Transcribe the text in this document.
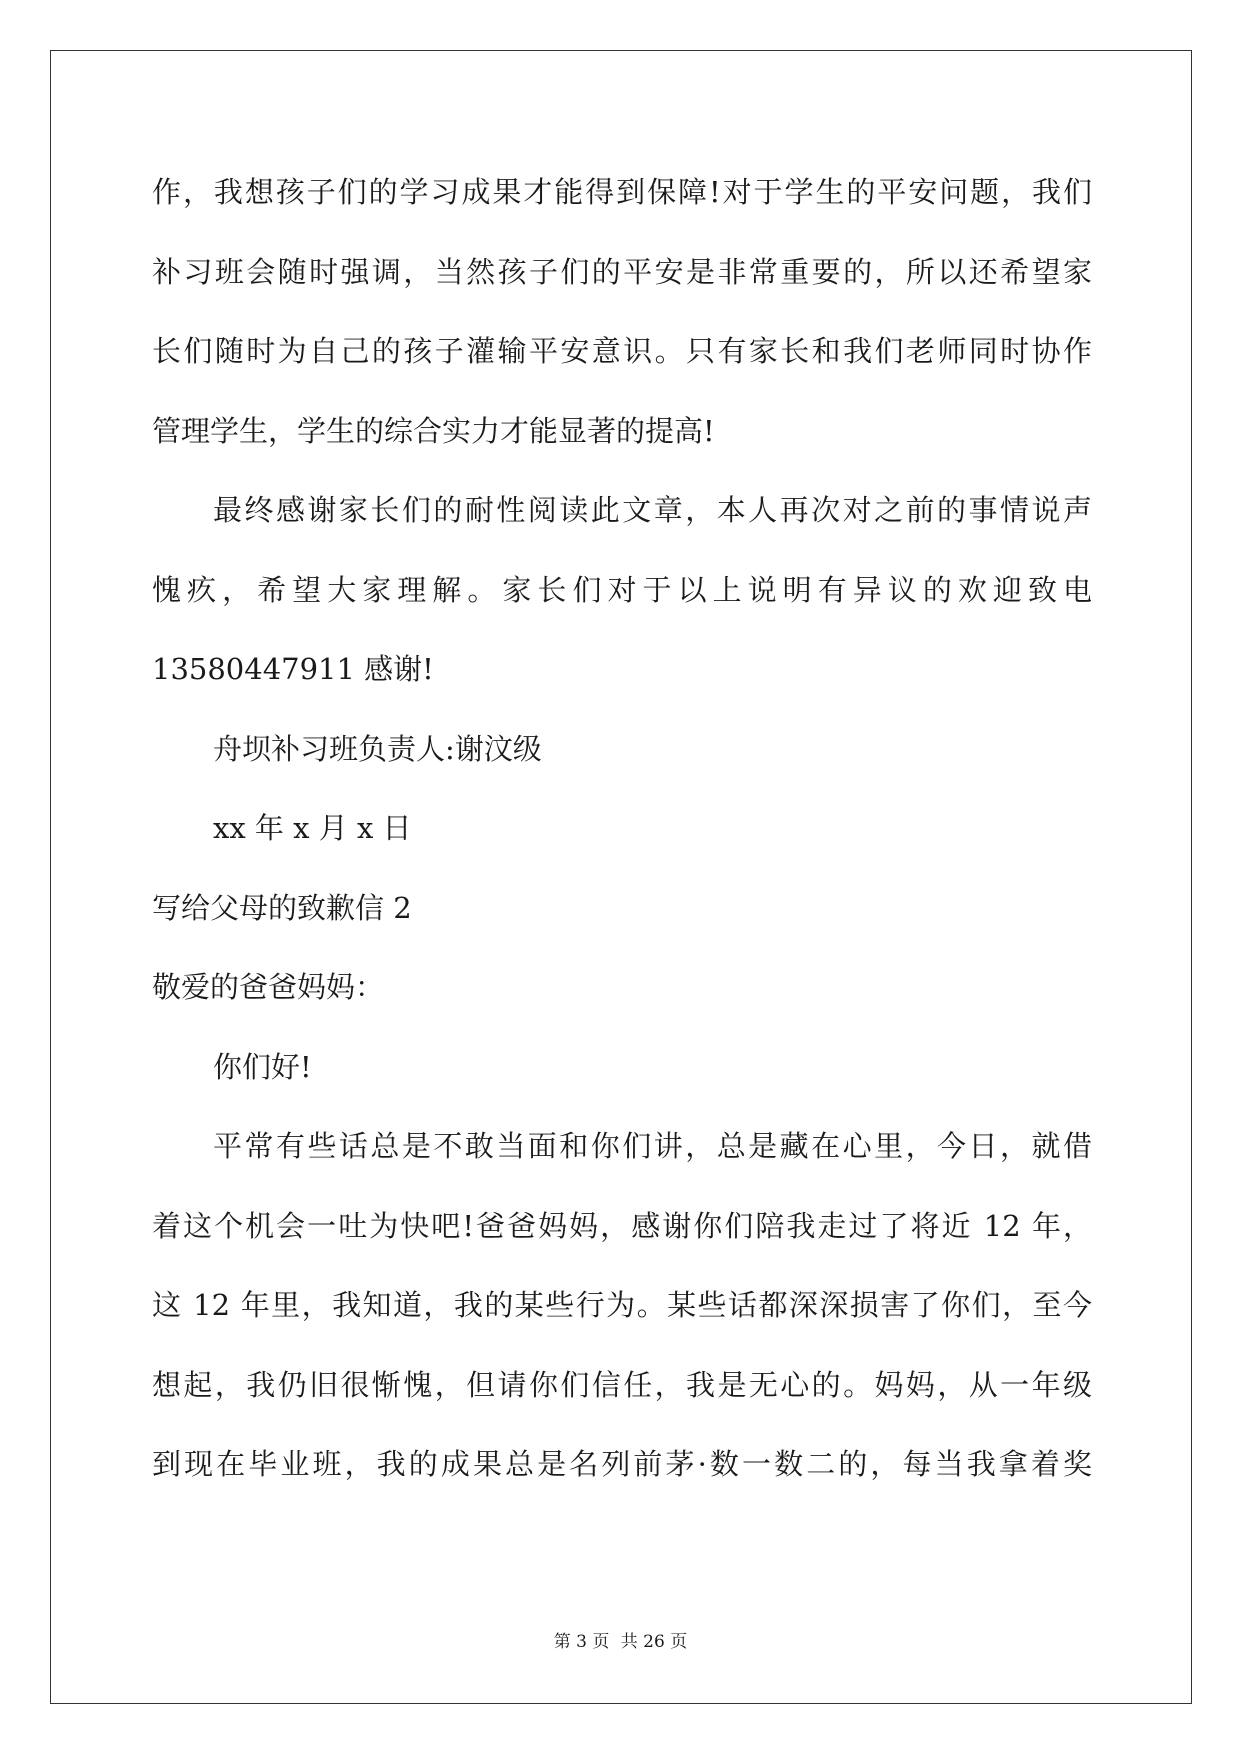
作，我想孩子们的学习成果才能得到保障!对于学生的平安问题，我们
补习班会随时强调，当然孩子们的平安是非常重要的，所以还希望家
长们随时为自己的孩子灌输平安意识。只有家长和我们老师同时协作
管理学生，学生的综合实力才能显著的提高!
最终感谢家长们的耐性阅读此文章，本人再次对之前的事情说声
愧疚，希望大家理解。家长们对于以上说明有异议的欢迎致电
13580447911 感谢!
舟坝补习班负责人:谢汶级
xx 年 x 月 x 日
写给父母的致歉信 2
敬爱的爸爸妈妈：
你们好!
平常有些话总是不敢当面和你们讲，总是藏在心里，今日，就借
着这个机会一吐为快吧!爸爸妈妈，感谢你们陪我走过了将近 12 年，
这 12 年里，我知道，我的某些行为。某些话都深深损害了你们，至今
想起，我仍旧很惭愧，但请你们信任，我是无心的。妈妈，从一年级
到现在毕业班，我的成果总是名列前茅·数一数二的，每当我拿着奖
第 3 页 共 26 页
